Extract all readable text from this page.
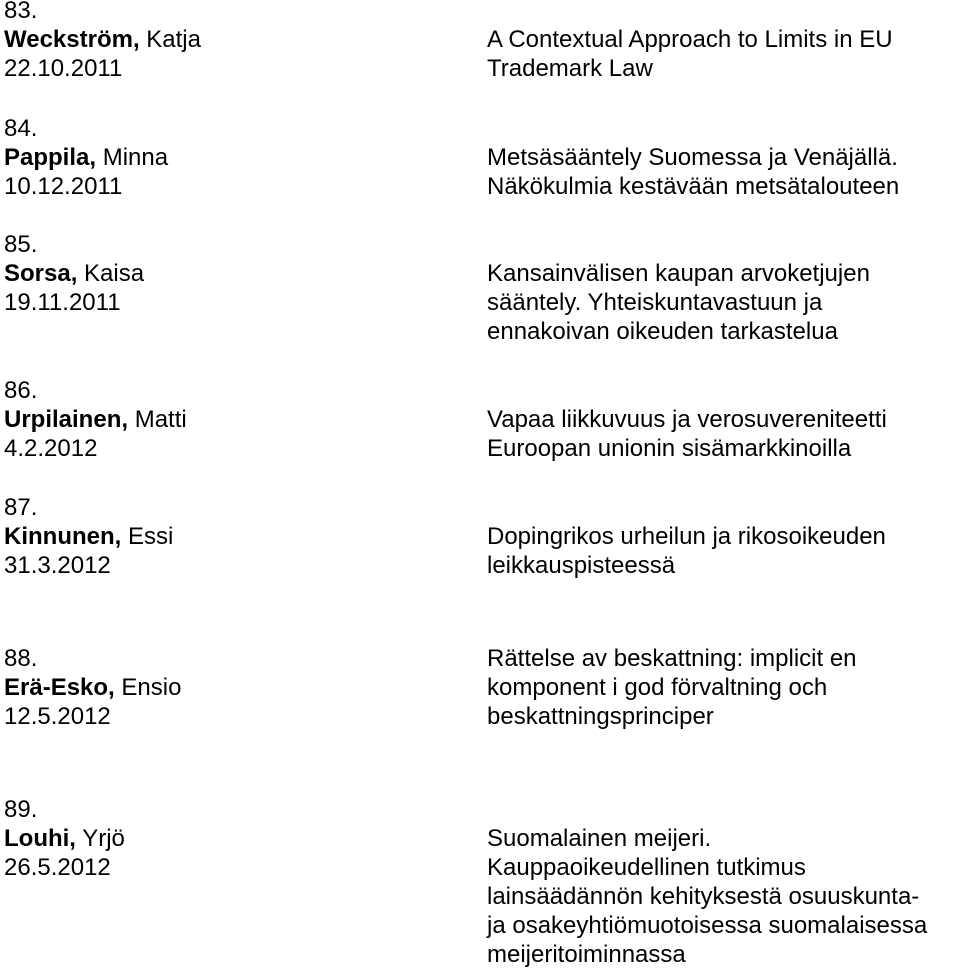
83.
Weckström, Katja
22.10.2011
A Contextual Approach to Limits in EU
Trademark Law
84.
Pappila, Minna
10.12.2011
Metsäsääntely Suomessa ja Venäjällä.
Näkökulmia kestävään metsätalouteen
85.
Sorsa, Kaisa
19.11.2011
Kansainvälisen kaupan arvoketjujen
sääntely. Yhteiskuntavastuun ja
ennakoivan oikeuden tarkastelua
86.
Urpilainen, Matti
4.2.2012
Vapaa liikkuvuus ja verosuvereniteetti
Euroopan unionin sisämarkkinoilla
87.
Kinnunen, Essi
31.3.2012
Dopingrikos urheilun ja rikosoikeuden
leikkauspisteessä
88.
Erä-Esko, Ensio
12.5.2012
Rättelse av beskattning: implicit en
komponent i god förvaltning och
beskattningsprinciper
89.
Louhi, Yrjö
26.5.2012
Suomalainen meijeri.
Kauppaoikeudellinen tutkimus
lainsäädännön kehityksestä osuuskunta-
ja osakeyhtiömuotoisessa suomalaisessa
meijeritoiminnassa
